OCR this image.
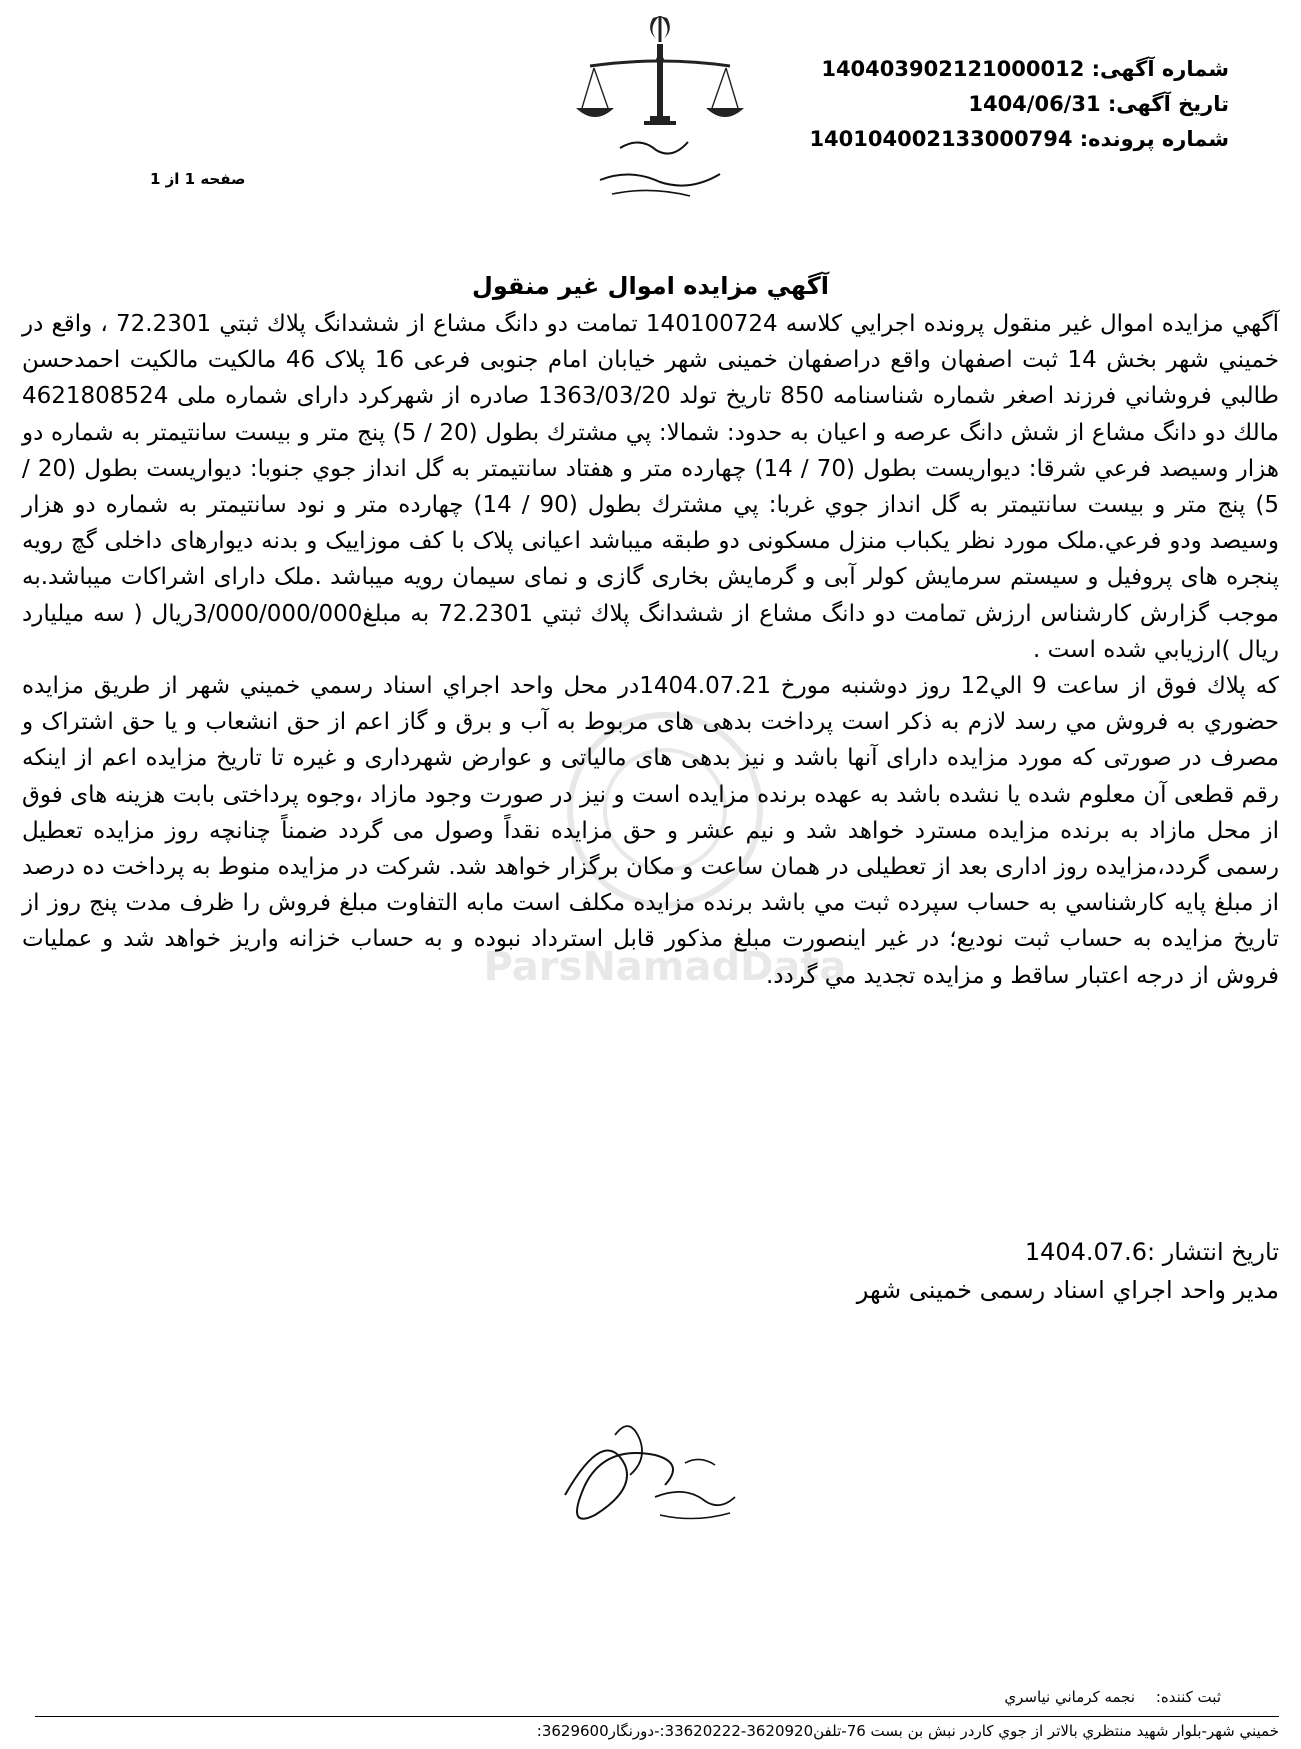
شماره آگهی: 140403902121000012
تاریخ آگهی: 1404/06/31
شماره پرونده: 140104002133000794
صفحه 1 از 1
آگهي مزايده اموال غير منقول
ParsNamadData

آگهي مزايده اموال غير منقول پرونده اجرايي كلاسه 140100724 تمامت دو دانگ مشاع از ششدانگ پلاك ثبتي 72.2301 ، واقع در خميني شهر بخش 14 ثبت اصفهان واقع دراصفهان خمینی شهر خیابان امام جنوبی فرعی 16 پلاک 46 مالکیت مالكيت احمدحسن طالبي فروشاني فرزند اصغر شماره شناسنامه 850 تاريخ تولد 1363/03/20 صادره از شهرکرد دارای شماره ملی 4621808524 مالك دو دانگ مشاع از شش دانگ عرصه و اعيان به حدود: شمالا: پي مشترك بطول (20 / 5) پنج متر و بيست سانتيمتر به شماره دو هزار وسيصد فرعي شرقا: ديواريست بطول (70 / 14) چهارده متر و هفتاد سانتيمتر به گل انداز جوي جنوبا: ديواريست بطول (20 / 5) پنج متر و بيست سانتيمتر به گل انداز جوي غربا: پي مشترك بطول (90 / 14) چهارده متر و نود سانتيمتر به شماره دو هزار وسيصد ودو فرعي.ملک مورد نظر یکباب منزل مسکونی دو طبقه میباشد اعیانی پلاک با کف موزاییک و بدنه دیوارهای داخلی گچ رویه پنجره های پروفیل و سیستم سرمایش کولر آبی و گرمایش بخاری گازی و نمای سیمان رویه میباشد .ملک دارای اشراکات میباشد.به موجب گزارش کارشناس ارزش تمامت دو دانگ مشاع از ششدانگ پلاك ثبتي 72.2301 به مبلغ3/000/000/000ريال ( سه ميليارد ريال )ارزيابي شده است .

كه پلاك فوق از ساعت 9 الي12 روز دوشنبه مورخ 1404.07.21در محل واحد اجراي اسناد رسمي خميني شهر از طريق مزايده حضوري به فروش مي رسد لازم به ذكر است پرداخت بدهی های مربوط به آب و برق و گاز اعم از حق انشعاب و یا حق اشتراک و مصرف در صورتی که مورد مزایده دارای آنها باشد و نیز بدهی های مالیاتی و عوارض شهرداری و غیره تا تاریخ مزایده اعم از اینکه رقم قطعی آن معلوم شده یا نشده باشد به عهده برنده مزایده است و نیز در صورت وجود مازاد ،وجوه پرداختی بابت هزینه های فوق از محل مازاد به برنده مزایده مسترد خواهد شد و نیم عشر و حق مزایده نقداً وصول می گردد ضمناً چنانچه روز مزایده تعطیل رسمی گردد،مزایده روز اداری بعد از تعطیلی در همان ساعت و مکان برگزار خواهد شد. شركت در مزايده منوط به پرداخت ده درصد از مبلغ پايه كارشناسي به حساب سپرده ثبت مي باشد برنده مزايده مكلف است مابه التفاوت مبلغ فروش را ظرف مدت پنج روز از تاريخ مزايده به حساب ثبت نوديع؛ در غير اينصورت مبلغ مذكور قابل استرداد نبوده و به حساب خزانه واريز خواهد شد و عمليات فروش از درجه اعتبار ساقط و مزايده تجديد مي گردد.

تاريخ انتشار :1404.07.6
مدير واحد اجراي اسناد رسمی خمینی شهر
ثبت كننده: نجمه كرماني نياسري
خميني شهر-بلوار شهيد منتظري بالاتر از جوي كاردر نبش بن بست 76-تلفن3620920-33620222:-دورنگار3629600:
